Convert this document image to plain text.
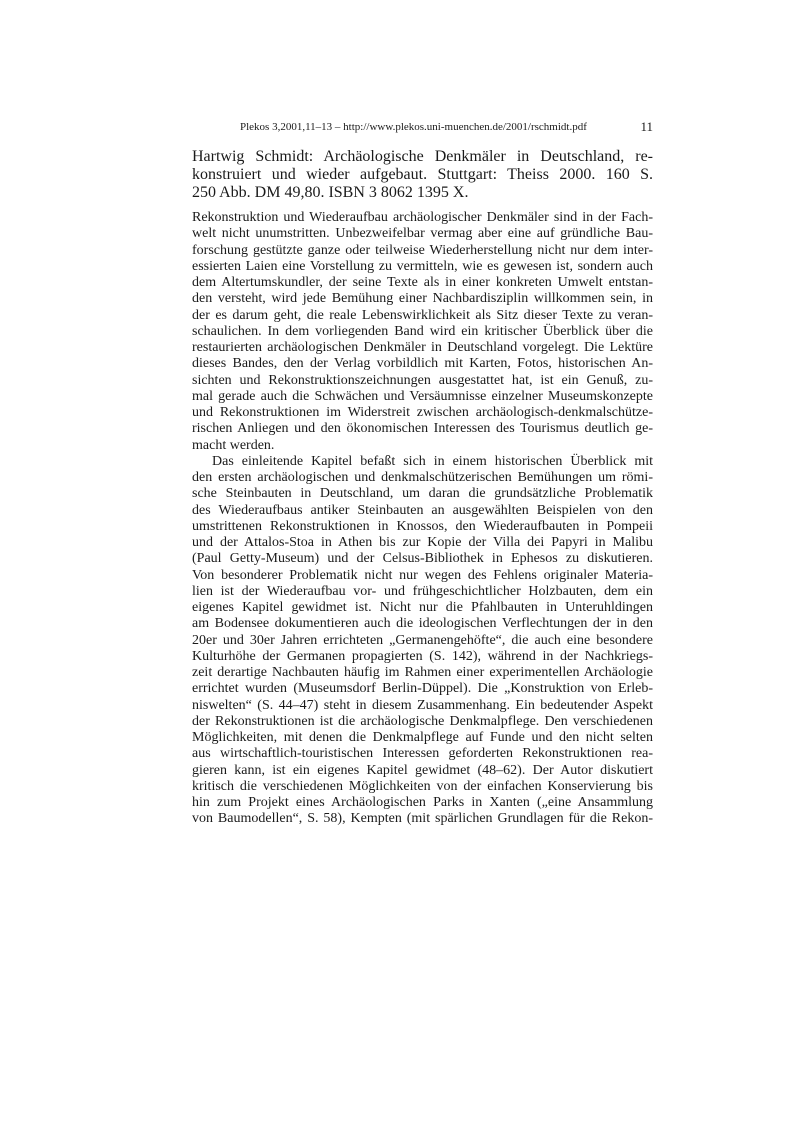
Plekos 3,2001,11–13 – http://www.plekos.uni-muenchen.de/2001/rschmidt.pdf	11
Hartwig Schmidt: Archäologische Denkmäler in Deutschland, re-
konstruiert und wieder aufgebaut. Stuttgart: Theiss 2000. 160 S.
250 Abb. DM 49,80. ISBN 3 8062 1395 X.
Rekonstruktion und Wiederaufbau archäologischer Denkmäler sind in der Fach-
welt nicht unumstritten. Unbezweifelbar vermag aber eine auf gründliche Bau-
forschung gestützte ganze oder teilweise Wiederherstellung nicht nur dem inter-
essierten Laien eine Vorstellung zu vermitteln, wie es gewesen ist, sondern auch
dem Altertumskundler, der seine Texte als in einer konkreten Umwelt entstan-
den versteht, wird jede Bemühung einer Nachbardisziplin willkommen sein, in
der es darum geht, die reale Lebenswirklichkeit als Sitz dieser Texte zu veran-
schaulichen. In dem vorliegenden Band wird ein kritischer Überblick über die
restaurierten archäologischen Denkmäler in Deutschland vorgelegt. Die Lektüre
dieses Bandes, den der Verlag vorbildlich mit Karten, Fotos, historischen An-
sichten und Rekonstruktionszeichnungen ausgestattet hat, ist ein Genuß, zu-
mal gerade auch die Schwächen und Versäumnisse einzelner Museumskonzepte
und Rekonstruktionen im Widerstreit zwischen archäologisch-denkmalschütze-
rischen Anliegen und den ökonomischen Interessen des Tourismus deutlich ge-
macht werden.
Das einleitende Kapitel befaßt sich in einem historischen Überblick mit
den ersten archäologischen und denkmalschützerischen Bemühungen um römi-
sche Steinbauten in Deutschland, um daran die grundsätzliche Problematik
des Wiederaufbaus antiker Steinbauten an ausgewählten Beispielen von den
umstrittenen Rekonstruktionen in Knossos, den Wiederaufbauten in Pompeii
und der Attalos-Stoa in Athen bis zur Kopie der Villa dei Papyri in Malibu
(Paul Getty-Museum) und der Celsus-Bibliothek in Ephesos zu diskutieren.
Von besonderer Problematik nicht nur wegen des Fehlens originaler Materia-
lien ist der Wiederaufbau vor- und frühgeschichtlicher Holzbauten, dem ein
eigenes Kapitel gewidmet ist. Nicht nur die Pfahlbauten in Unteruhldingen
am Bodensee dokumentieren auch die ideologischen Verflechtungen der in den
20er und 30er Jahren errichteten „Germanengehöfte“, die auch eine besondere
Kulturhöhe der Germanen propagierten (S. 142), während in der Nachkriegs-
zeit derartige Nachbauten häufig im Rahmen einer experimentellen Archäologie
errichtet wurden (Museumsdorf Berlin-Düppel). Die „Konstruktion von Erleb-
niswelten“ (S. 44–47) steht in diesem Zusammenhang. Ein bedeutender Aspekt
der Rekonstruktionen ist die archäologische Denkmalpflege. Den verschiedenen
Möglichkeiten, mit denen die Denkmalpflege auf Funde und den nicht selten
aus wirtschaftlich-touristischen Interessen geforderten Rekonstruktionen rea-
gieren kann, ist ein eigenes Kapitel gewidmet (48–62). Der Autor diskutiert
kritisch die verschiedenen Möglichkeiten von der einfachen Konservierung bis
hin zum Projekt eines Archäologischen Parks in Xanten („eine Ansammlung
von Baumodellen“, S. 58), Kempten (mit spärlichen Grundlagen für die Rekon-
